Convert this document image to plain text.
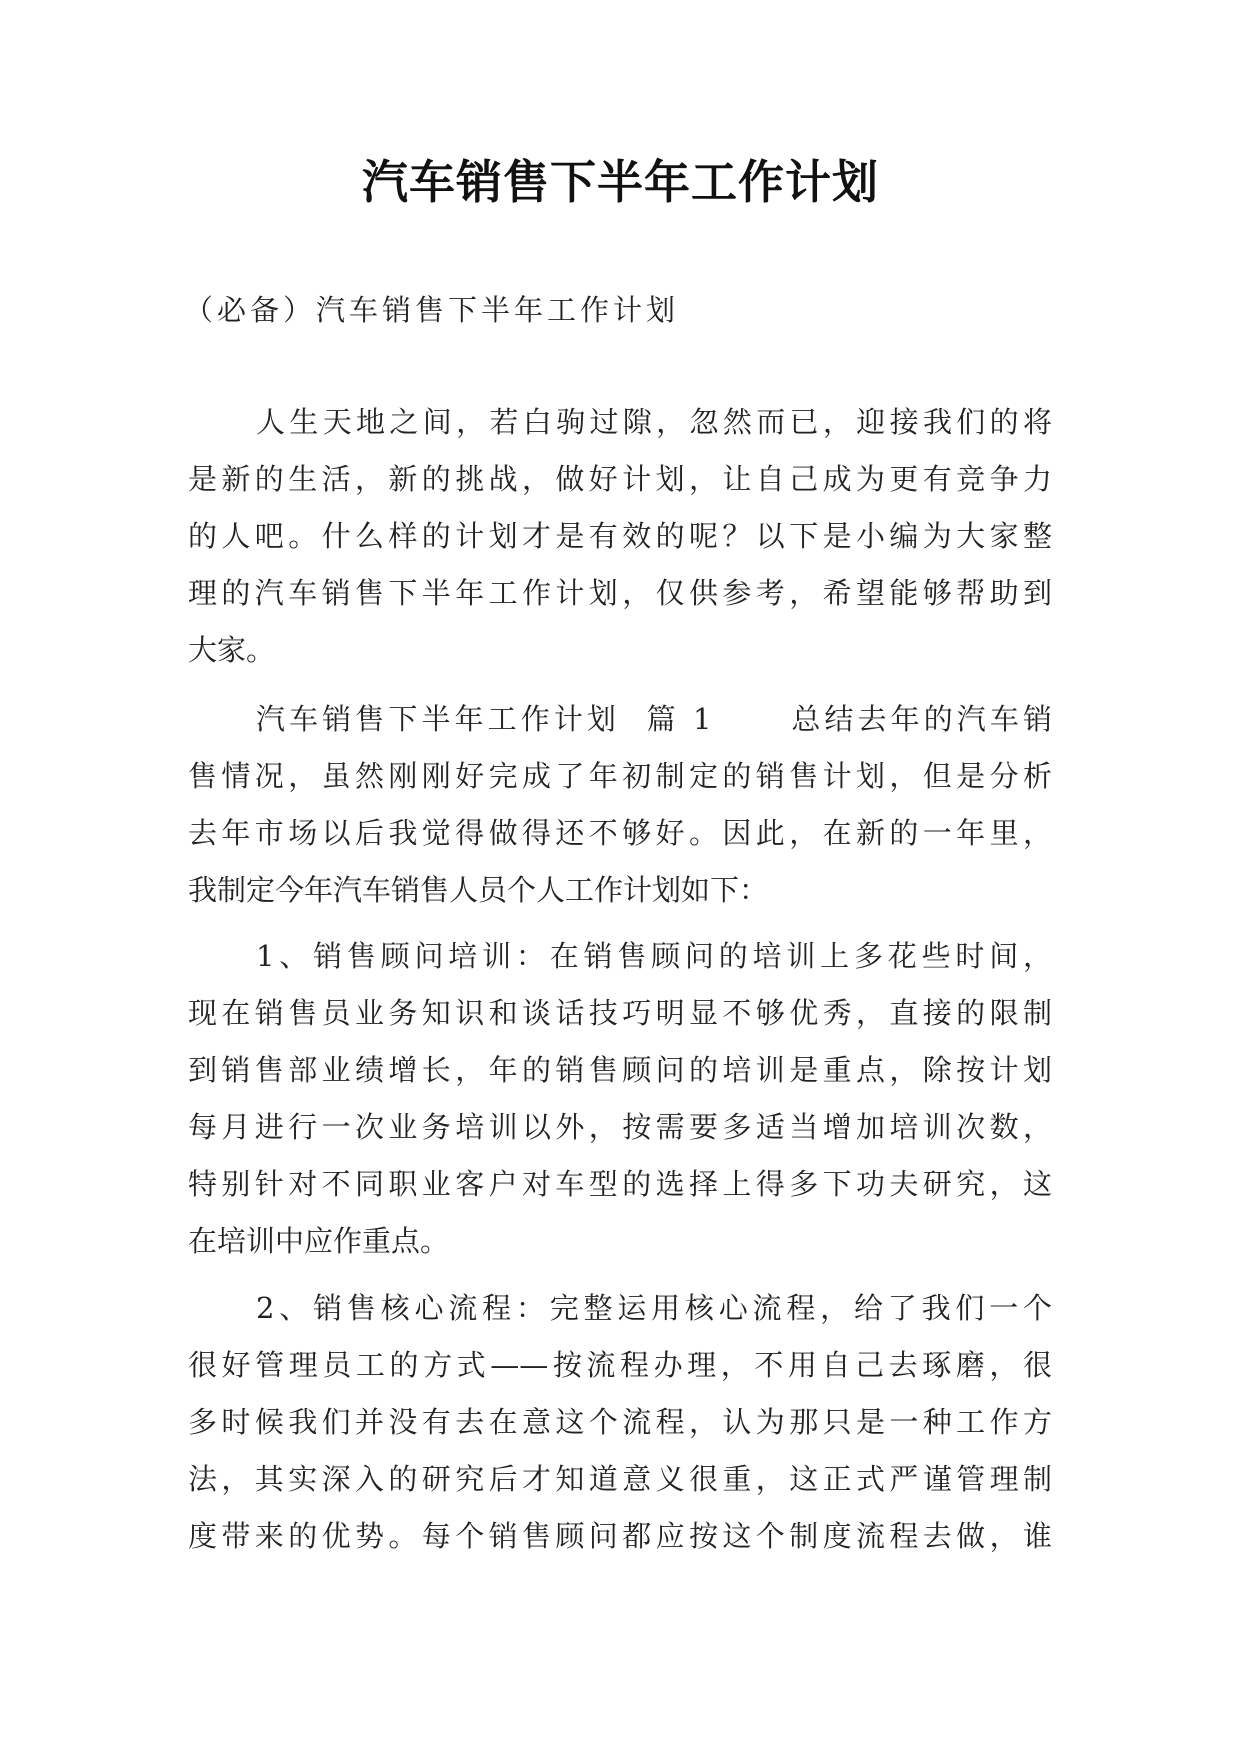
汽车销售下半年工作计划
（必备）汽车销售下半年工作计划
人生天地之间，若白驹过隙，忽然而已，迎接我们的将
是新的生活，新的挑战，做好计划，让自己成为更有竞争力
的人吧。什么样的计划才是有效的呢？以下是小编为大家整
理的汽车销售下半年工作计划，仅供参考，希望能够帮助到
大家。
汽车销售下半年工作计划  篇 1      总结去年的汽车销
售情况，虽然刚刚好完成了年初制定的销售计划，但是分析
去年市场以后我觉得做得还不够好。因此，在新的一年里，
我制定今年汽车销售人员个人工作计划如下：
1、销售顾问培训：在销售顾问的培训上多花些时间，
现在销售员业务知识和谈话技巧明显不够优秀，直接的限制
到销售部业绩增长，年的销售顾问的培训是重点，除按计划
每月进行一次业务培训以外，按需要多适当增加培训次数，
特别针对不同职业客户对车型的选择上得多下功夫研究，这
在培训中应作重点。
2、销售核心流程：完整运用核心流程，给了我们一个
很好管理员工的方式——按流程办理，不用自己去琢磨，很
多时候我们并没有去在意这个流程，认为那只是一种工作方
法，其实深入的研究后才知道意义很重，这正式严谨管理制
度带来的优势。每个销售顾问都应按这个制度流程去做，谁
